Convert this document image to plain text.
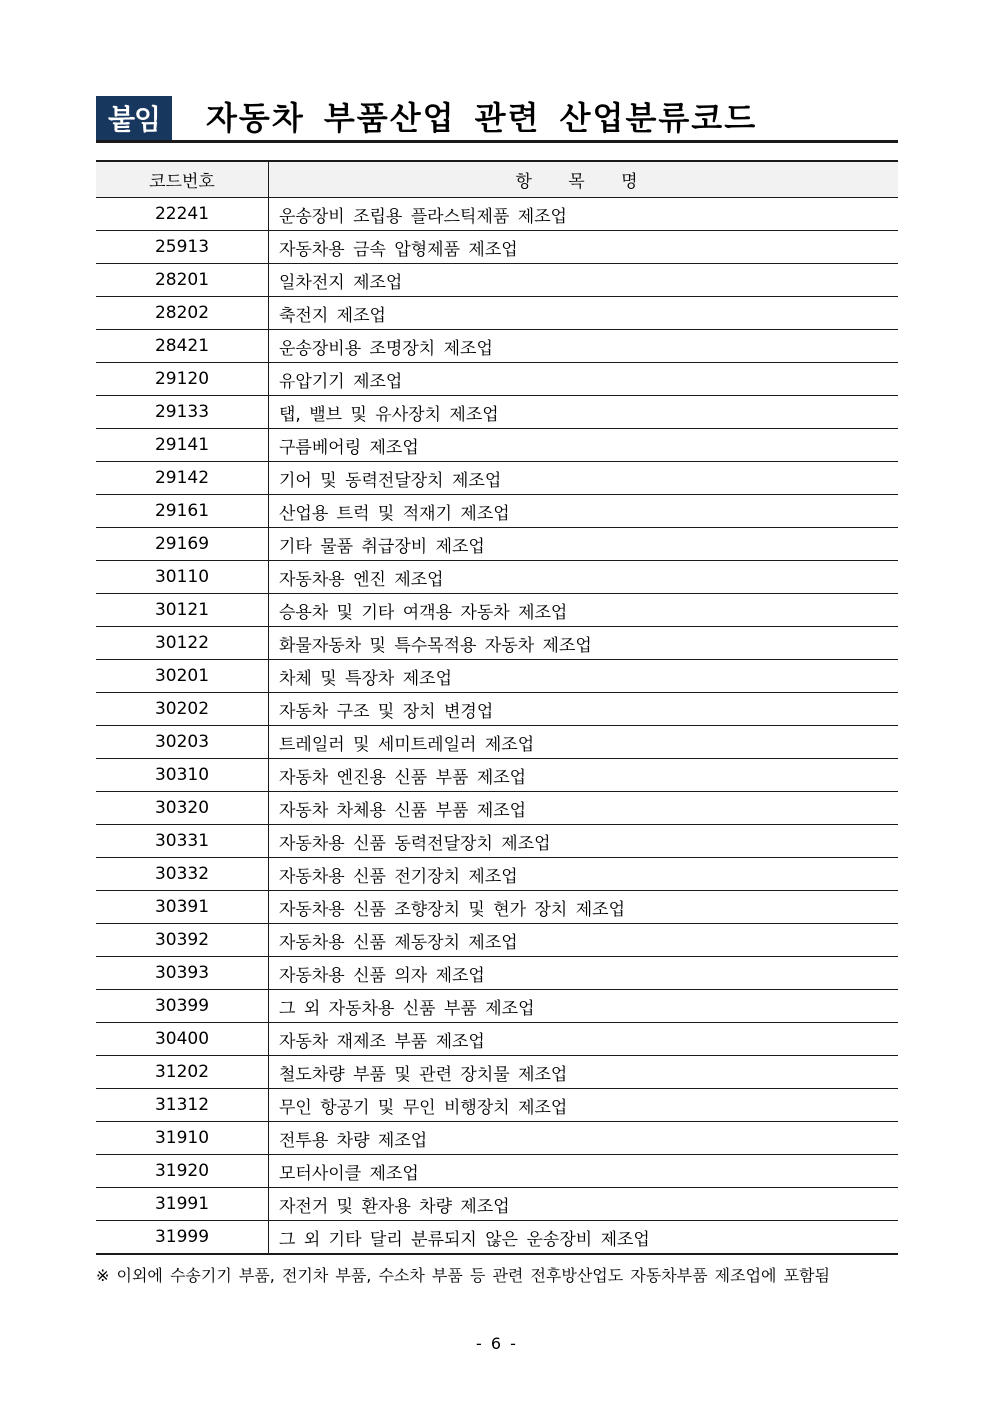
붙임	자동차 부품산업 관련 산업분류코드
코드번호	항 목 명
22241	운송장비 조립용 플라스틱제품 제조업
25913	자동차용 금속 압형제품 제조업
28201	일차전지 제조업
28202	축전지 제조업
28421	운송장비용 조명장치 제조업
29120	유압기기 제조업
29133	탭, 밸브 및 유사장치 제조업
29141	구름베어링 제조업
29142	기어 및 동력전달장치 제조업
29161	산업용 트럭 및 적재기 제조업
29169	기타 물품 취급장비 제조업
30110	자동차용 엔진 제조업
30121	승용차 및 기타 여객용 자동차 제조업
30122	화물자동차 및 특수목적용 자동차 제조업
30201	차체 및 특장차 제조업
30202	자동차 구조 및 장치 변경업
30203	트레일러 및 세미트레일러 제조업
30310	자동차 엔진용 신품 부품 제조업
30320	자동차 차체용 신품 부품 제조업
30331	자동차용 신품 동력전달장치 제조업
30332	자동차용 신품 전기장치 제조업
30391	자동차용 신품 조향장치 및 현가 장치 제조업
30392	자동차용 신품 제동장치 제조업
30393	자동차용 신품 의자 제조업
30399	그 외 자동차용 신품 부품 제조업
30400	자동차 재제조 부품 제조업
31202	철도차량 부품 및 관련 장치물 제조업
31312	무인 항공기 및 무인 비행장치 제조업
31910	전투용 차량 제조업
31920	모터사이클 제조업
31991	자전거 및 환자용 차량 제조업
31999	그 외 기타 달리 분류되지 않은 운송장비 제조업
※ 이외에 수송기기 부품, 전기차 부품, 수소차 부품 등 관련 전후방산업도 자동차부품 제조업에 포함됨
- 6 -
